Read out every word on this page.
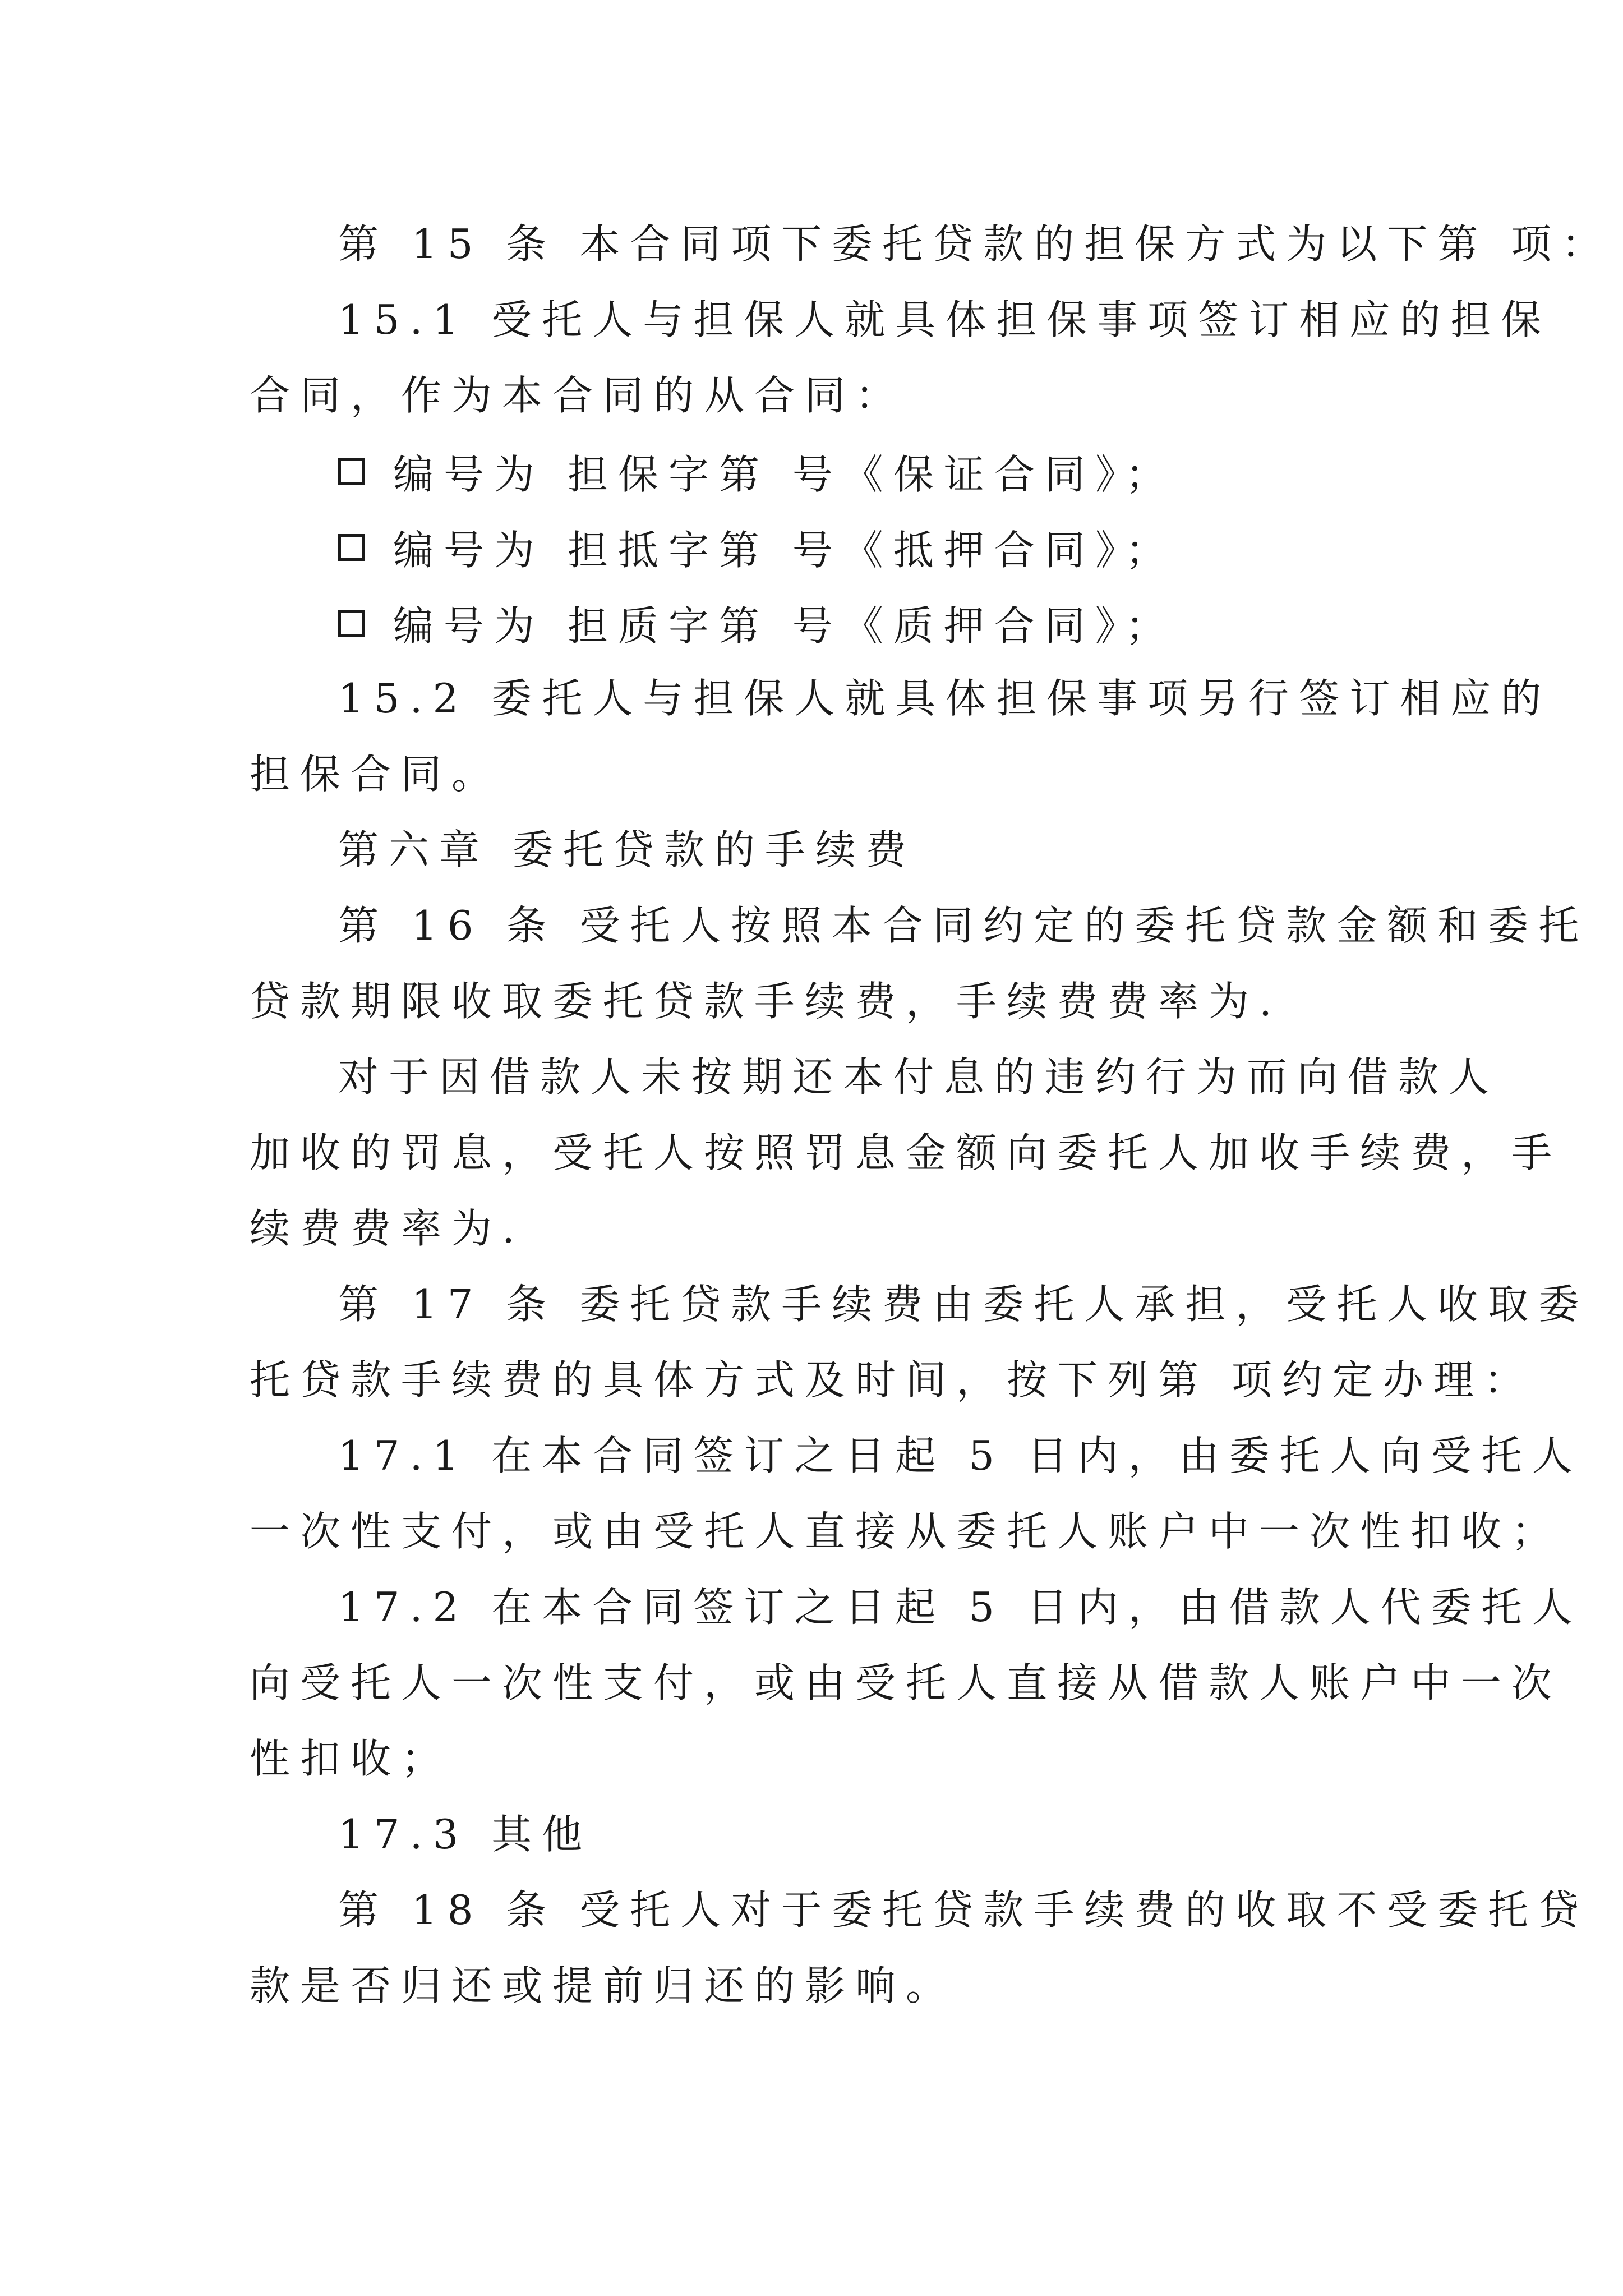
第 15 条 本合同项下委托贷款的担保方式为以下第 项：
15.1 受托人与担保人就具体担保事项签订相应的担保
合同，作为本合同的从合同：
编号为 担保字第 号《保证合同》；
编号为 担抵字第 号《抵押合同》；
编号为 担质字第 号《质押合同》；
15.2 委托人与担保人就具体担保事项另行签订相应的
担保合同。
第六章 委托贷款的手续费
第 16 条 受托人按照本合同约定的委托贷款金额和委托
贷款期限收取委托贷款手续费，手续费费率为.
对于因借款人未按期还本付息的违约行为而向借款人
加收的罚息，受托人按照罚息金额向委托人加收手续费，手
续费费率为.
第 17 条 委托贷款手续费由委托人承担，受托人收取委
托贷款手续费的具体方式及时间，按下列第 项约定办理：
17.1 在本合同签订之日起 5 日内，由委托人向受托人
一次性支付，或由受托人直接从委托人账户中一次性扣收；
17.2 在本合同签订之日起 5 日内，由借款人代委托人
向受托人一次性支付，或由受托人直接从借款人账户中一次
性扣收；
17.3 其他
第 18 条 受托人对于委托贷款手续费的收取不受委托贷
款是否归还或提前归还的影响。
